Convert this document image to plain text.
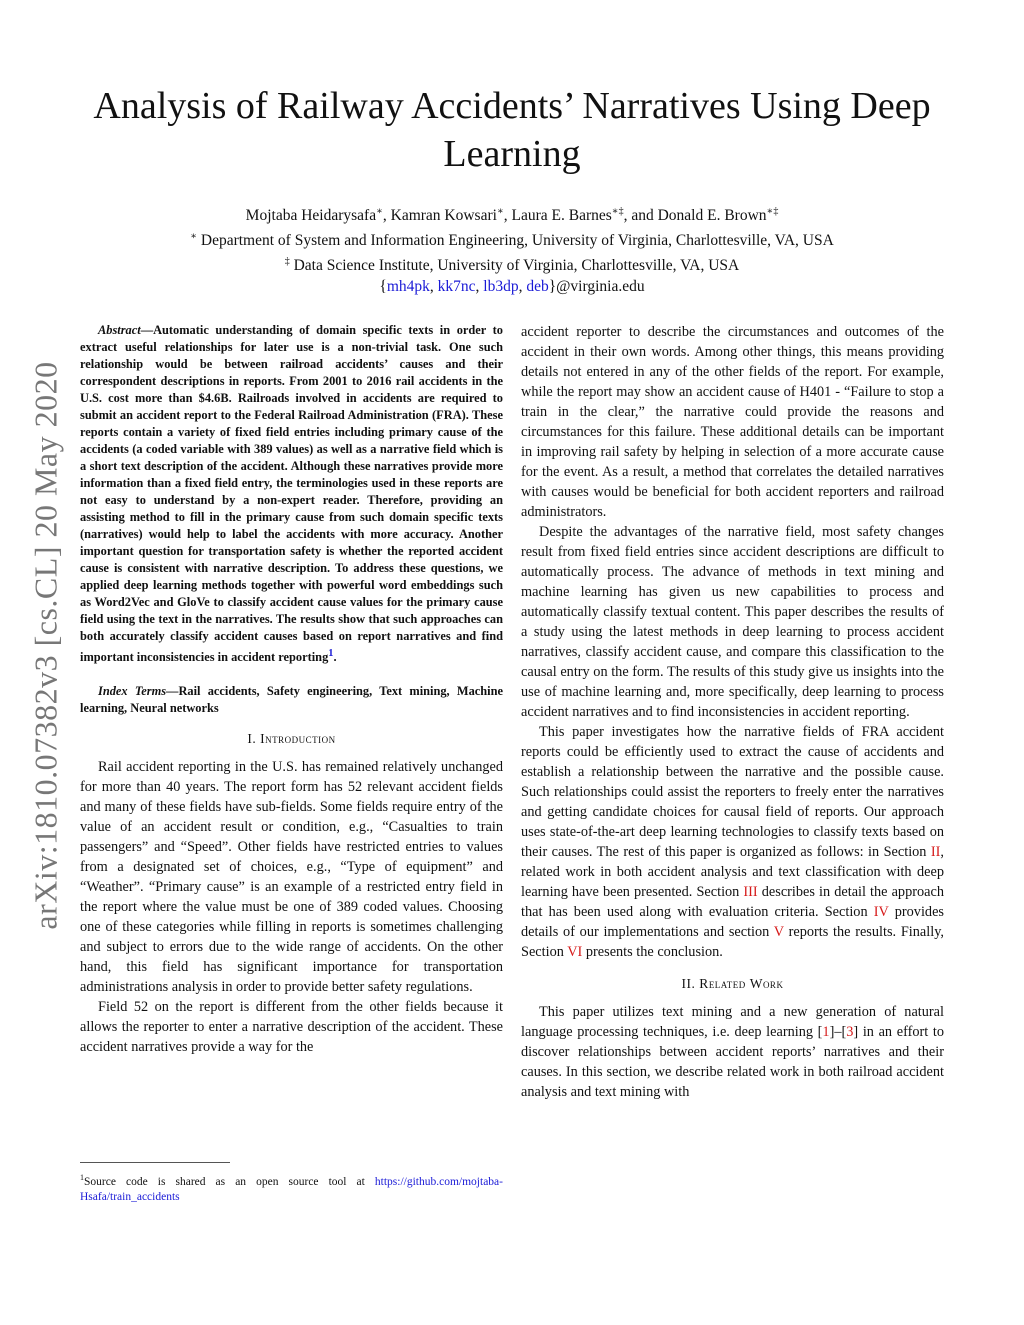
arXiv:1810.07382v3 [cs.CL] 20 May 2020
Analysis of Railway Accidents’ Narratives Using Deep Learning
Mojtaba Heidarysafa∗, Kamran Kowsari∗, Laura E. Barnes∗‡, and Donald E. Brown∗‡
∗ Department of System and Information Engineering, University of Virginia, Charlottesville, VA, USA
‡ Data Science Institute, University of Virginia, Charlottesville, VA, USA
{mh4pk, kk7nc, lb3dp, deb}@virginia.edu

Abstract—Automatic understanding of domain specific texts in order to extract useful relationships for later use is a non-trivial task. One such relationship would be between railroad accidents’ causes and their correspondent descriptions in reports. From 2001 to 2016 rail accidents in the U.S. cost more than $4.6B. Railroads involved in accidents are required to submit an accident report to the Federal Railroad Administration (FRA). These reports contain a variety of fixed field entries including primary cause of the accidents (a coded variable with 389 values) as well as a narrative field which is a short text description of the accident. Although these narratives provide more information than a fixed field entry, the terminologies used in these reports are not easy to understand by a non-expert reader. Therefore, providing an assisting method to fill in the primary cause from such domain specific texts (narratives) would help to label the accidents with more accuracy. Another important question for transportation safety is whether the reported accident cause is consistent with narrative description. To address these questions, we applied deep learning methods together with powerful word embeddings such as Word2Vec and GloVe to classify accident cause values for the primary cause field using the text in the narratives. The results show that such approaches can both accurately classify accident causes based on report narratives and find important inconsistencies in accident reporting$^1$.

Index Terms—Rail accidents, Safety engineering, Text mining, Machine learning, Neural networks

I. Introduction

Rail accident reporting in the U.S. has remained relatively unchanged for more than 40 years. The report form has 52 relevant accident fields and many of these fields have sub-fields. Some fields require entry of the value of an accident result or condition, e.g., “Casualties to train passengers” and “Speed”. Other fields have restricted entries to values from a designated set of choices, e.g., “Type of equipment” and “Weather”. “Primary cause” is an example of a restricted entry field in the report where the value must be one of 389 coded values. Choosing one of these categories while filling in reports is sometimes challenging and subject to errors due to the wide range of accidents. On the other hand, this field has significant importance for transportation administrations analysis in order to provide better safety regulations.

Field 52 on the report is different from the other fields because it allows the reporter to enter a narrative description of the accident. These accident narratives provide a way for the

accident reporter to describe the circumstances and outcomes of the accident in their own words. Among other things, this means providing details not entered in any of the other fields of the report. For example, while the report may show an accident cause of H401 - “Failure to stop a train in the clear,” the narrative could provide the reasons and circumstances for this failure. These additional details can be important in improving rail safety by helping in selection of a more accurate cause for the event. As a result, a method that correlates the detailed narratives with causes would be beneficial for both accident reporters and railroad administrators.

Despite the advantages of the narrative field, most safety changes result from fixed field entries since accident descriptions are difficult to automatically process. The advance of methods in text mining and machine learning has given us new capabilities to process and automatically classify textual content. This paper describes the results of a study using the latest methods in deep learning to process accident narratives, classify accident cause, and compare this classification to the causal entry on the form. The results of this study give us insights into the use of machine learning and, more specifically, deep learning to process accident narratives and to find inconsistencies in accident reporting.

This paper investigates how the narrative fields of FRA accident reports could be efficiently used to extract the cause of accidents and establish a relationship between the narrative and the possible cause. Such relationships could assist the reporters to freely enter the narratives and getting candidate choices for causal field of reports. Our approach uses state-of-the-art deep learning technologies to classify texts based on their causes. The rest of this paper is organized as follows: in Section II, related work in both accident analysis and text classification with deep learning have been presented. Section III describes in detail the approach that has been used along with evaluation criteria. Section IV provides details of our implementations and section V reports the results. Finally, Section VI presents the conclusion.

II. Related Work

This paper utilizes text mining and a new generation of natural language processing techniques, i.e. deep learning [1]–[3] in an effort to discover relationships between accident reports’ narratives and their causes. In this section, we describe related work in both railroad accident analysis and text mining with

$^1$Source code is shared as an open source tool at https://github.com/mojtaba-Hsafa/train_accidents
